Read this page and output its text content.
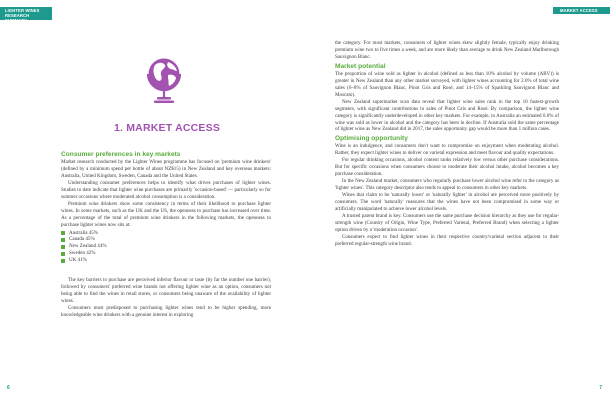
LIGHTER WINES
RESEARCH SUMMARY
1. MARKET ACCESS
Consumer preferences in key markets

Market research conducted by the Lighter Wines programme has focused on 'premium wine drinkers' (defined by a minimum spend per bottle of about NZ$15) in New Zealand and key overseas markets: Australia, United Kingdom, Sweden, Canada and the United States.

Understanding consumer preferences helps to identify what drives purchases of lighter wines. Studies to date indicate that lighter wine purchases are primarily 'occasion-based' — particularly so for summer occasions where moderated alcohol consumption is a consideration.

Premium wine drinkers show some consistency in terms of their likelihood to purchase lighter wines. In some markets, such as the UK and the US, the openness to purchase has increased over time. As a percentage of the total of premium wine drinkers in the following markets, the openness to purchase lighter wines now sits at:

Australia 45%
Canada 45%
New Zealand 44%
Sweden 42%
UK 41%

The key barriers to purchase are perceived inferior flavour or taste (by far the number one barrier), followed by consumers' preferred wine brands not offering lighter wine as an option, consumers not being able to find the wines in retail stores, or consumers being unaware of the availability of lighter wines.

Consumers most predisposed to purchasing lighter wines tend to be higher spending, more knowledgeable wine drinkers with a genuine interest in exploring

6
MARKET ACCESS

the category. For most markets, consumers of lighter wines skew slightly female, typically enjoy drinking premium wine two to five times a week, and are more likely than average to drink New Zealand Marlborough Sauvignon Blanc.

Market potential

The proportion of wine sold as lighter in alcohol (defined as less than 10% alcohol by volume (ABV)) is greater in New Zealand than any other market surveyed, with lighter wines accounting for 2.6% of total wine sales (6–8% of Sauvignon Blanc, Pinot Gris and Rosé, and 14–15% of Sparkling Sauvignon Blanc and Moscato).

New Zealand supermarket scan data reveal that lighter wine sales rank in the top 10 fastest-growth segments, with significant contributions to sales of Pinot Gris and Rosé. By comparison, the lighter wine category is significantly underdeveloped in other key markets. For example, in Australia an estimated 0.6% of wine was sold as lower in alcohol and the category has been in decline. If Australia sold the same percentage of lighter wine as New Zealand did in 2017, the sales opportunity gap would be more than 1 million cases.

Optimising opportunity

Wine is an indulgence, and consumers don't want to compromise on enjoyment when moderating alcohol. Rather, they expect lighter wines to deliver on varietal expression and meet flavour and quality expectations.

For regular drinking occasions, alcohol content ranks relatively low versus other purchase considerations. But for specific occasions when consumers choose to moderate their alcohol intake, alcohol becomes a key purchase consideration.

In the New Zealand market, consumers who regularly purchase lower alcohol wine refer to the category as 'lighter wines'. This category descriptor also tends to appeal to consumers in other key markets.

Wines that claim to be 'naturally lower' or 'naturally lighter' in alcohol are perceived more positively by consumers. The word 'naturally' reassures that the wines have not been compromised in some way or artificially manipulated to achieve lower alcohol levels.

A trusted parent brand is key. Consumers use the same purchase decision hierarchy as they use for regular-strength wine (Country of Origin, Wine Type, Preferred Varietal, Preferred Brand) when selecting a lighter option driven by a 'moderation occasion'.

Consumers expect to find lighter wines in their respective country/varietal section adjacent to their preferred regular-strength wine brand.

7
